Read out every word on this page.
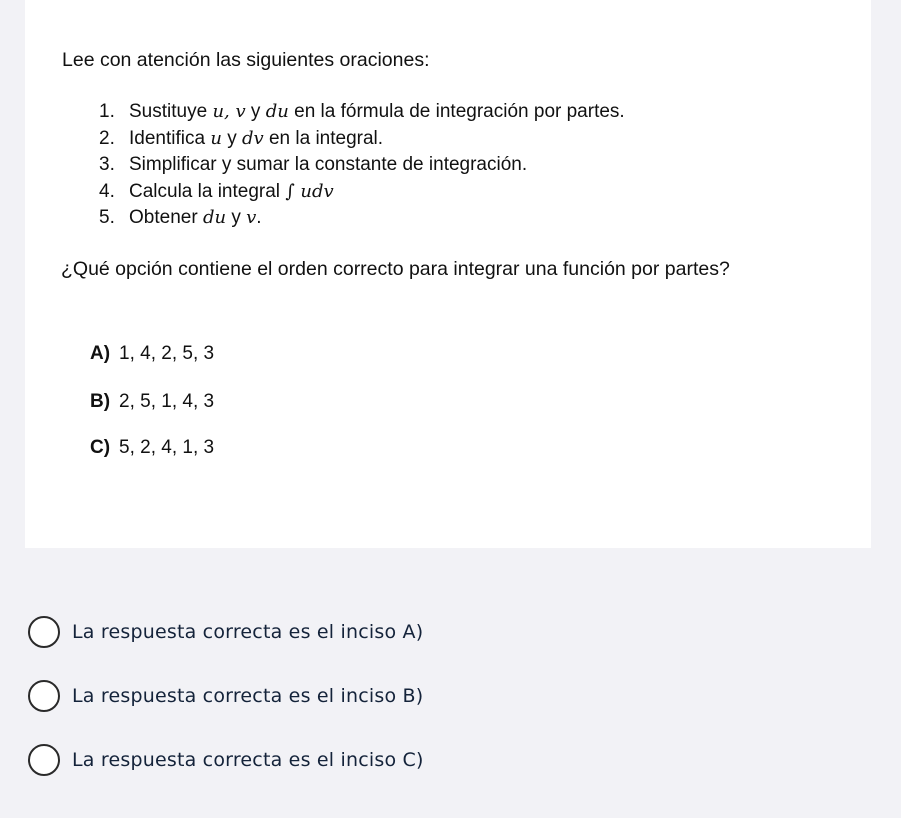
Lee con atención las siguientes oraciones:

1. Sustituye u, v y du en la fórmula de integración por partes.
2. Identifica u y dv en la integral.
3. Simplificar y sumar la constante de integración.
4. Calcula la integral ∫ udv
5. Obtener du y v.

¿Qué opción contiene el orden correcto para integrar una función por partes?

A) 1, 4, 2, 5, 3
B) 2, 5, 1, 4, 3
C) 5, 2, 4, 1, 3
La respuesta correcta es el inciso A)
La respuesta correcta es el inciso B)
La respuesta correcta es el inciso C)
